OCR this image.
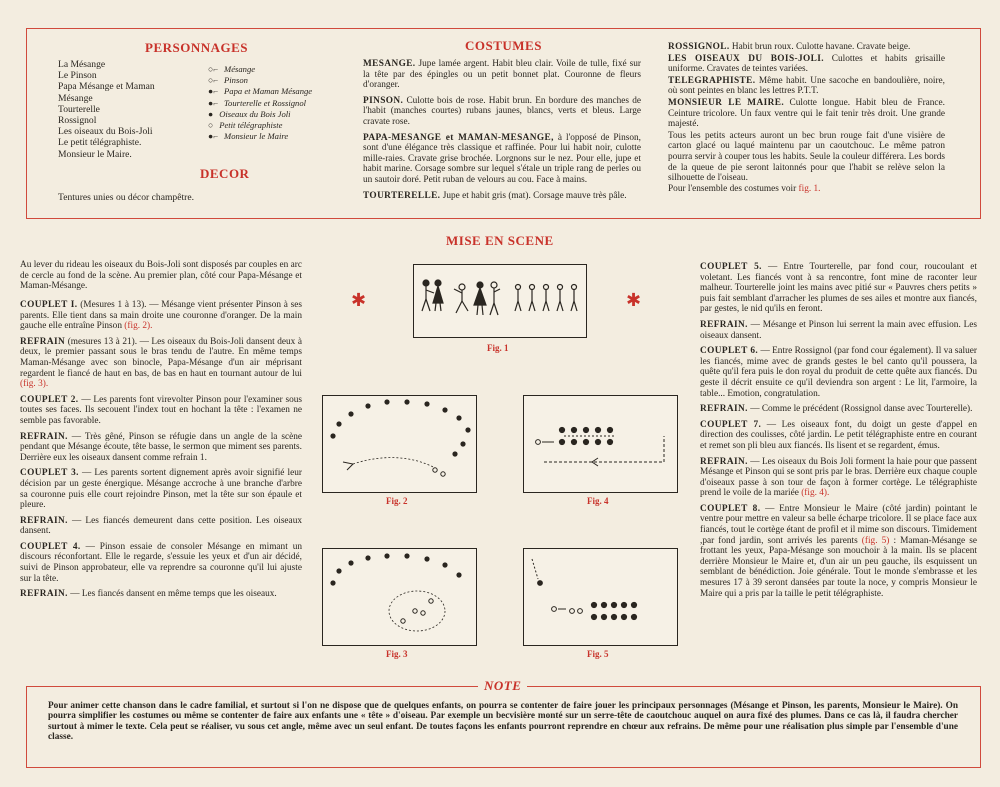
PERSONNAGES
La Mésange
Le Pinson
Papa Mésange et Maman
Mésange
Tourterelle
Rossignol
Les oiseaux du Bois-Joli
Le petit télégraphiste.
Monsieur le Maire.
○⌐ Mésange
○⌐ Pinson
●⌐ Papa et Maman Mésange
●⌐ Tourterelle et Rossignol
● Oiseaux du Bois Joli
○ Petit télégraphiste
●⌐ Monsieur le Maire
DECOR
Tentures unies ou décor champêtre.
COSTUMES

MESANGE. Jupe lamée argent. Habit bleu clair. Voile de tulle, fixé sur la tête par des épingles ou un petit bonnet plat. Couronne de fleurs d'oranger.

PINSON. Culotte bois de rose. Habit brun. En bordure des manches de l'habit (manches courtes) rubans jaunes, blancs, verts et bleus. Large cravate rose.

PAPA-MESANGE et MAMAN-MESANGE, à l'opposé de Pinson, sont d'une élégance très classique et raffinée. Pour lui habit noir, culotte mille-raies. Cravate grise brochée. Lorgnons sur le nez. Pour elle, jupe et habit marine. Corsage sombre sur lequel s'étale un triple rang de perles ou un sautoir doré. Petit ruban de velours au cou. Face à mains.

TOURTERELLE. Jupe et habit gris (mat). Corsage mauve très pâle.

ROSSIGNOL. Habit brun roux. Culotte havane. Cravate beige.

LES OISEAUX DU BOIS-JOLI. Culottes et habits grisaille uniforme. Cravates de teintes variées.

TELEGRAPHISTE. Même habit. Une sacoche en bandoulière, noire, où sont peintes en blanc les lettres P.T.T.

MONSIEUR LE MAIRE. Culotte longue. Habit bleu de France. Ceinture tricolore. Un faux ventre qui le fait tenir très droit. Une grande majesté.

Tous les petits acteurs auront un bec brun rouge fait d'une visière de carton glacé ou laqué maintenu par un caoutchouc. Le même patron pourra servir à couper tous les habits. Seule la couleur différera. Les bords de la queue de pie seront laitonnés pour que l'habit se relève selon la silhouette de l'oiseau.

Pour l'ensemble des costumes voir fig. 1.

MISE EN SCENE

Au lever du rideau les oiseaux du Bois-Joli sont disposés par couples en arc de cercle au fond de la scène. Au premier plan, côté cour Papa-Mésange et Maman-Mésange.

COUPLET I. (Mesures 1 à 13). — Mésange vient présenter Pinson à ses parents. Elle tient dans sa main droite une couronne d'oranger. De la main gauche elle entraîne Pinson (fig. 2).

REFRAIN (mesures 13 à 21). — Les oiseaux du Bois-Joli dansent deux à deux, le premier passant sous le bras tendu de l'autre. En même temps Maman-Mésange avec son binocle, Papa-Mésange d'un air méprisant regardent le fiancé de haut en bas, de bas en haut en tournant autour de lui (fig. 3).

COUPLET 2. — Les parents font virevolter Pinson pour l'examiner sous toutes ses faces. Ils secouent l'index tout en hochant la tête : l'examen ne semble pas favorable.

REFRAIN. — Très gêné, Pinson se réfugie dans un angle de la scène pendant que Mésange écoute, tête basse, le sermon que miment ses parents. Derrière eux les oiseaux dansent comme refrain 1.

COUPLET 3. — Les parents sortent dignement après avoir signifié leur décision par un geste énergique. Mésange accroche à une branche d'arbre sa couronne puis elle court rejoindre Pinson, met la tête sur son épaule et pleure.

REFRAIN. — Les fiancés demeurent dans cette position. Les oiseaux dansent.

COUPLET 4. — Pinson essaie de consoler Mésange en mimant un discours réconfortant. Elle le regarde, s'essuie les yeux et d'un air décidé, suivi de Pinson approbateur, elle va reprendre sa couronne qu'il lui ajuste sur la tête.

REFRAIN. — Les fiancés dansent en même temps que les oiseaux.

COUPLET 5. — Entre Tourterelle, par fond cour, roucoulant et voletant. Les fiancés vont à sa rencontre, font mine de raconter leur malheur. Tourterelle joint les mains avec pitié sur « Pauvres chers petits » puis fait semblant d'arracher les plumes de ses ailes et montre aux fiancés, par gestes, le nid qu'ils en feront.

REFRAIN. — Mésange et Pinson lui serrent la main avec effusion. Les oiseaux dansent.

COUPLET 6. — Entre Rossignol (par fond cour également). Il va saluer les fiancés, mime avec de grands gestes le bel canto qu'il poussera, la quête qu'il fera puis le don royal du produit de cette quête aux fiancés. Du geste il décrit ensuite ce qu'il deviendra son argent : Le lit, l'armoire, la table... Emotion, congratulation.

REFRAIN. — Comme le précédent (Rossignol danse avec Tourterelle).

COUPLET 7. — Les oiseaux font, du doigt un geste d'appel en direction des coulisses, côté jardin. Le petit télégraphiste entre en courant et remet son pli bleu aux fiancés. Ils lisent et se regardent, émus.

REFRAIN. — Les oiseaux du Bois Joli forment la haie pour que passent Mésange et Pinson qui se sont pris par le bras. Derrière eux chaque couple d'oiseaux passe à son tour de façon à former cortège. Le télégraphiste prend le voile de la mariée (fig. 4).

COUPLET 8. — Entre Monsieur le Maire (côté jardin) pointant le ventre pour mettre en valeur sa belle écharpe tricolore. Il se place face aux fiancés, tout le cortège étant de profil et il mime son discours. Timidement ,par fond jardin, sont arrivés les parents (fig. 5) : Maman-Mésange se frottant les yeux, Papa-Mésange son mouchoir à la main. Ils se placent derrière Monsieur le Maire et, d'un air un peu gauche, ils esquissent un semblant de bénédiction. Joie générale. Tout le monde s'embrasse et les mesures 17 à 39 seront dansées par toute la noce, y compris Monsieur le Maire qui a pris par la taille le petit télégraphiste.

✱	✱
Fig. 1
Fig. 2
Fig. 3
Fig. 4
Fig. 5
NOTE
Pour animer cette chanson dans le cadre familial, et surtout si l'on ne dispose que de quelques enfants, on pourra se contenter de faire jouer les principaux personnages (Mésange et Pinson, les parents, Monsieur le Maire). On pourra simplifier les costumes ou même se contenter de faire aux enfants une « tête » d'oiseau. Par exemple un becvisière monté sur un serre-tête de caoutchouc auquel on aura fixé des plumes. Dans ce cas là, il faudra chercher surtout à mimer le texte. Cela peut se réaliser, vu sous cet angle, même avec un seul enfant. De toutes façons les enfants pourront reprendre en chœur aux refrains. De même pour une réalisation plus simple par l'ensemble d'une classe.
